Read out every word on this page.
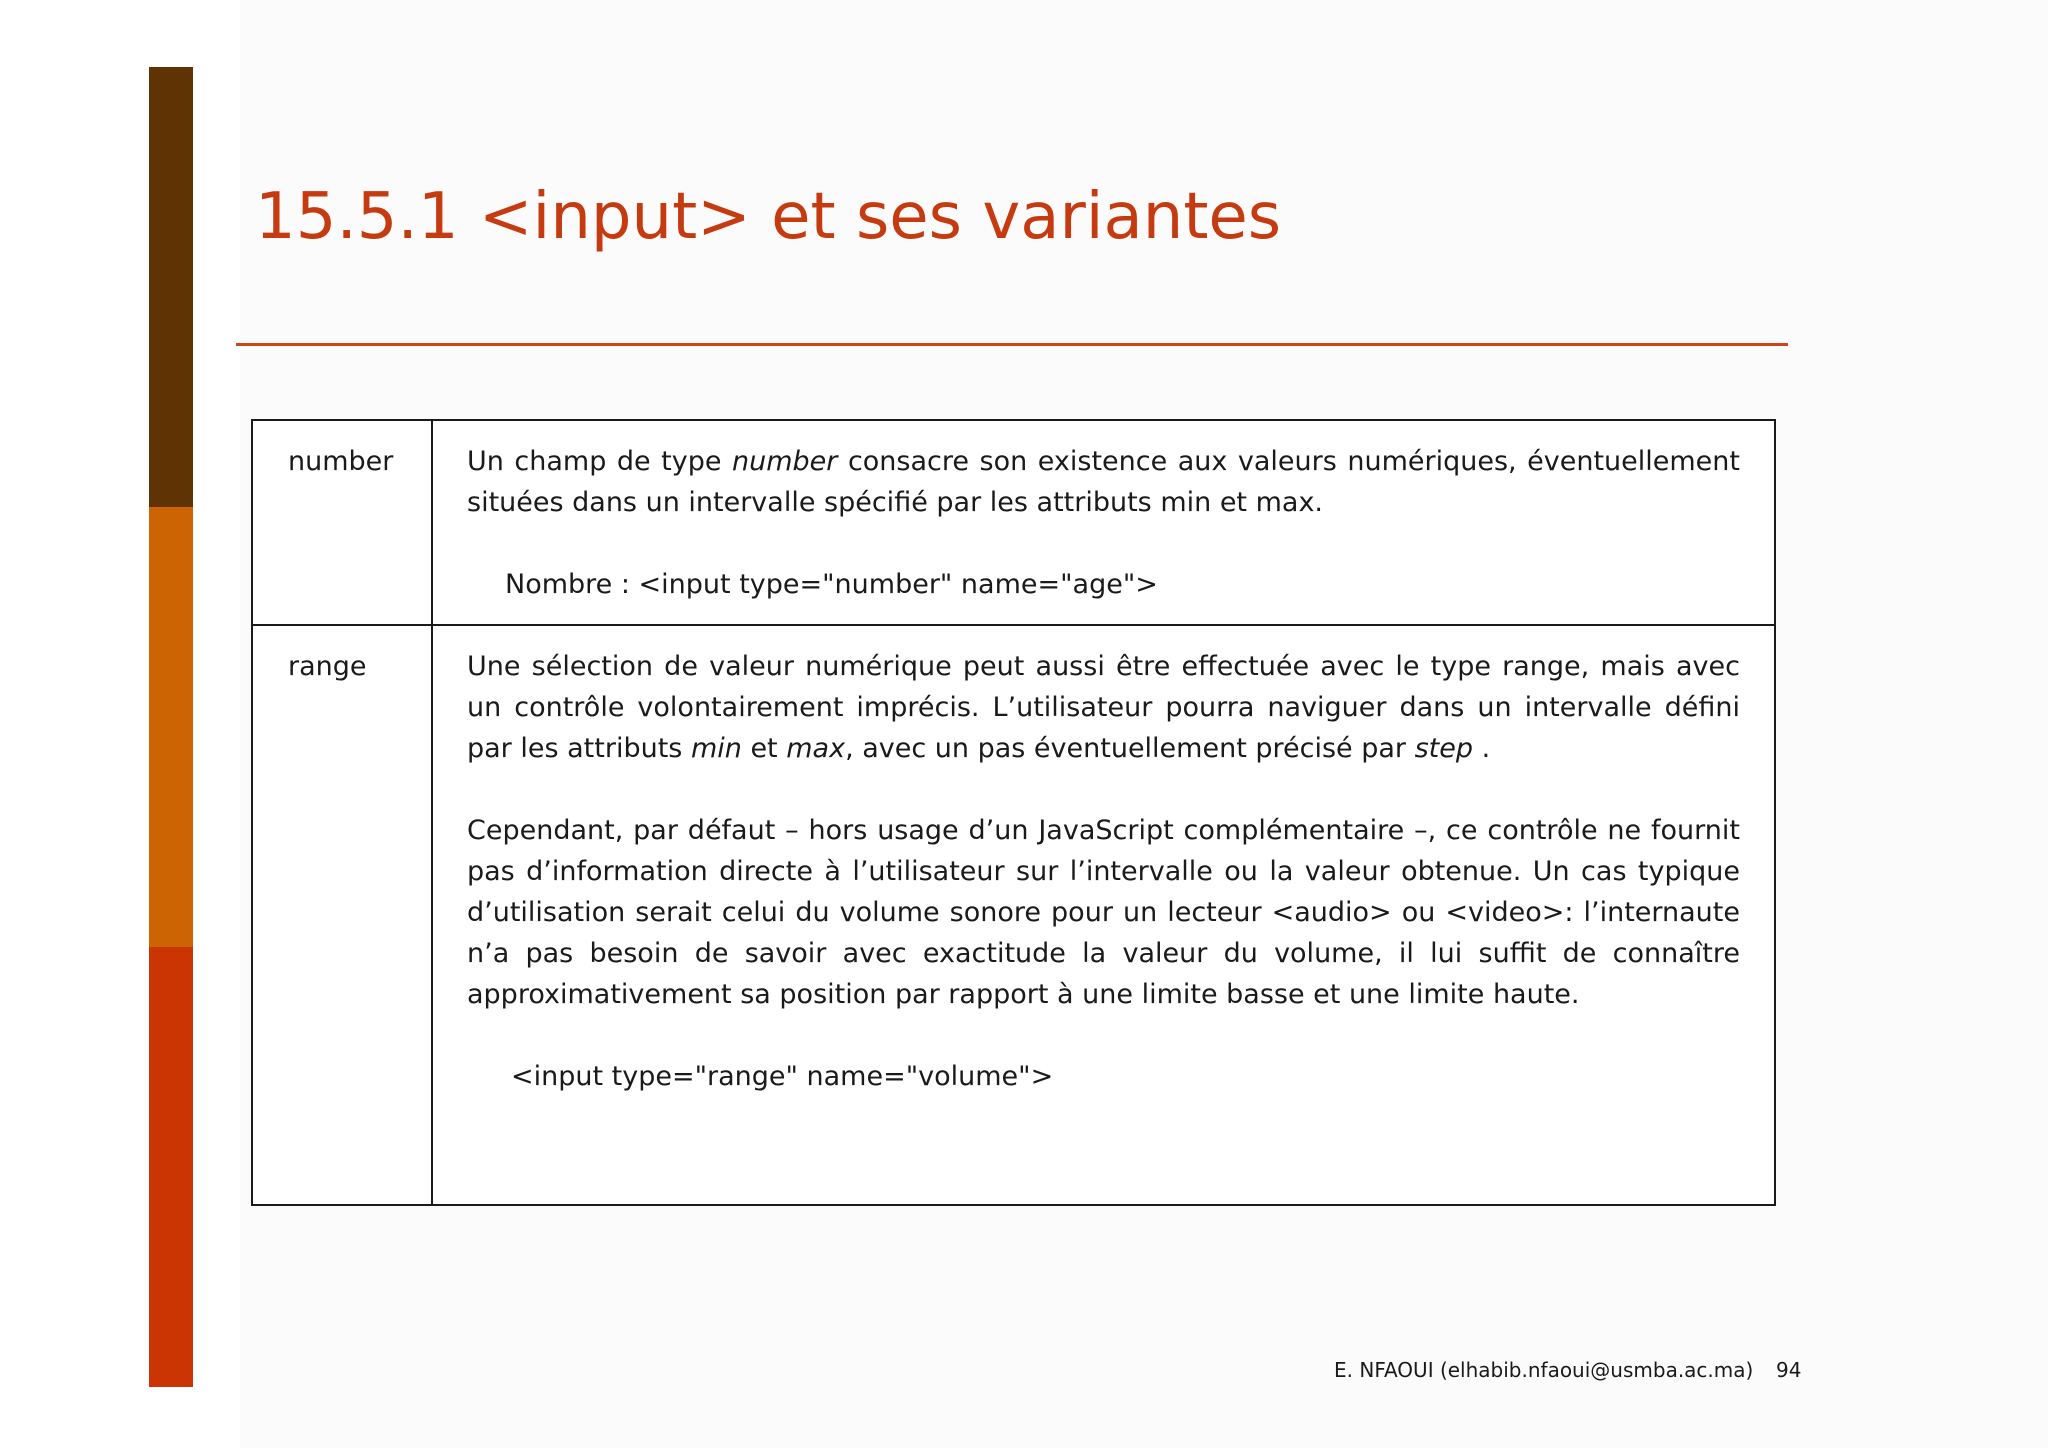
15.5.1 <input> et ses variantes
number	Un champ de type number consacre son existence aux valeurs numériques, éventuellement situées dans un intervalle spécifié par les attributs min et max.

Nombre : <input type="number" name="age">

range	Une sélection de valeur numérique peut aussi être effectuée avec le type range, mais avec un contrôle volontairement imprécis. L’utilisateur pourra naviguer dans un intervalle défini par les attributs min et max, avec un pas éventuellement précisé par step .

Cependant, par défaut – hors usage d’un JavaScript complémentaire –, ce contrôle ne fournit pas d’information directe à l’utilisateur sur l’intervalle ou la valeur obtenue. Un cas typique d’utilisation serait celui du volume sonore pour un lecteur <audio> ou <video>: l’internaute n’a pas besoin de savoir avec exactitude la valeur du volume, il lui suffit de connaître approximativement sa position par rapport à une limite basse et une limite haute.

<input type="range" name="volume">

E. NFAOUI (elhabib.nfaoui@usmba.ac.ma) 94
